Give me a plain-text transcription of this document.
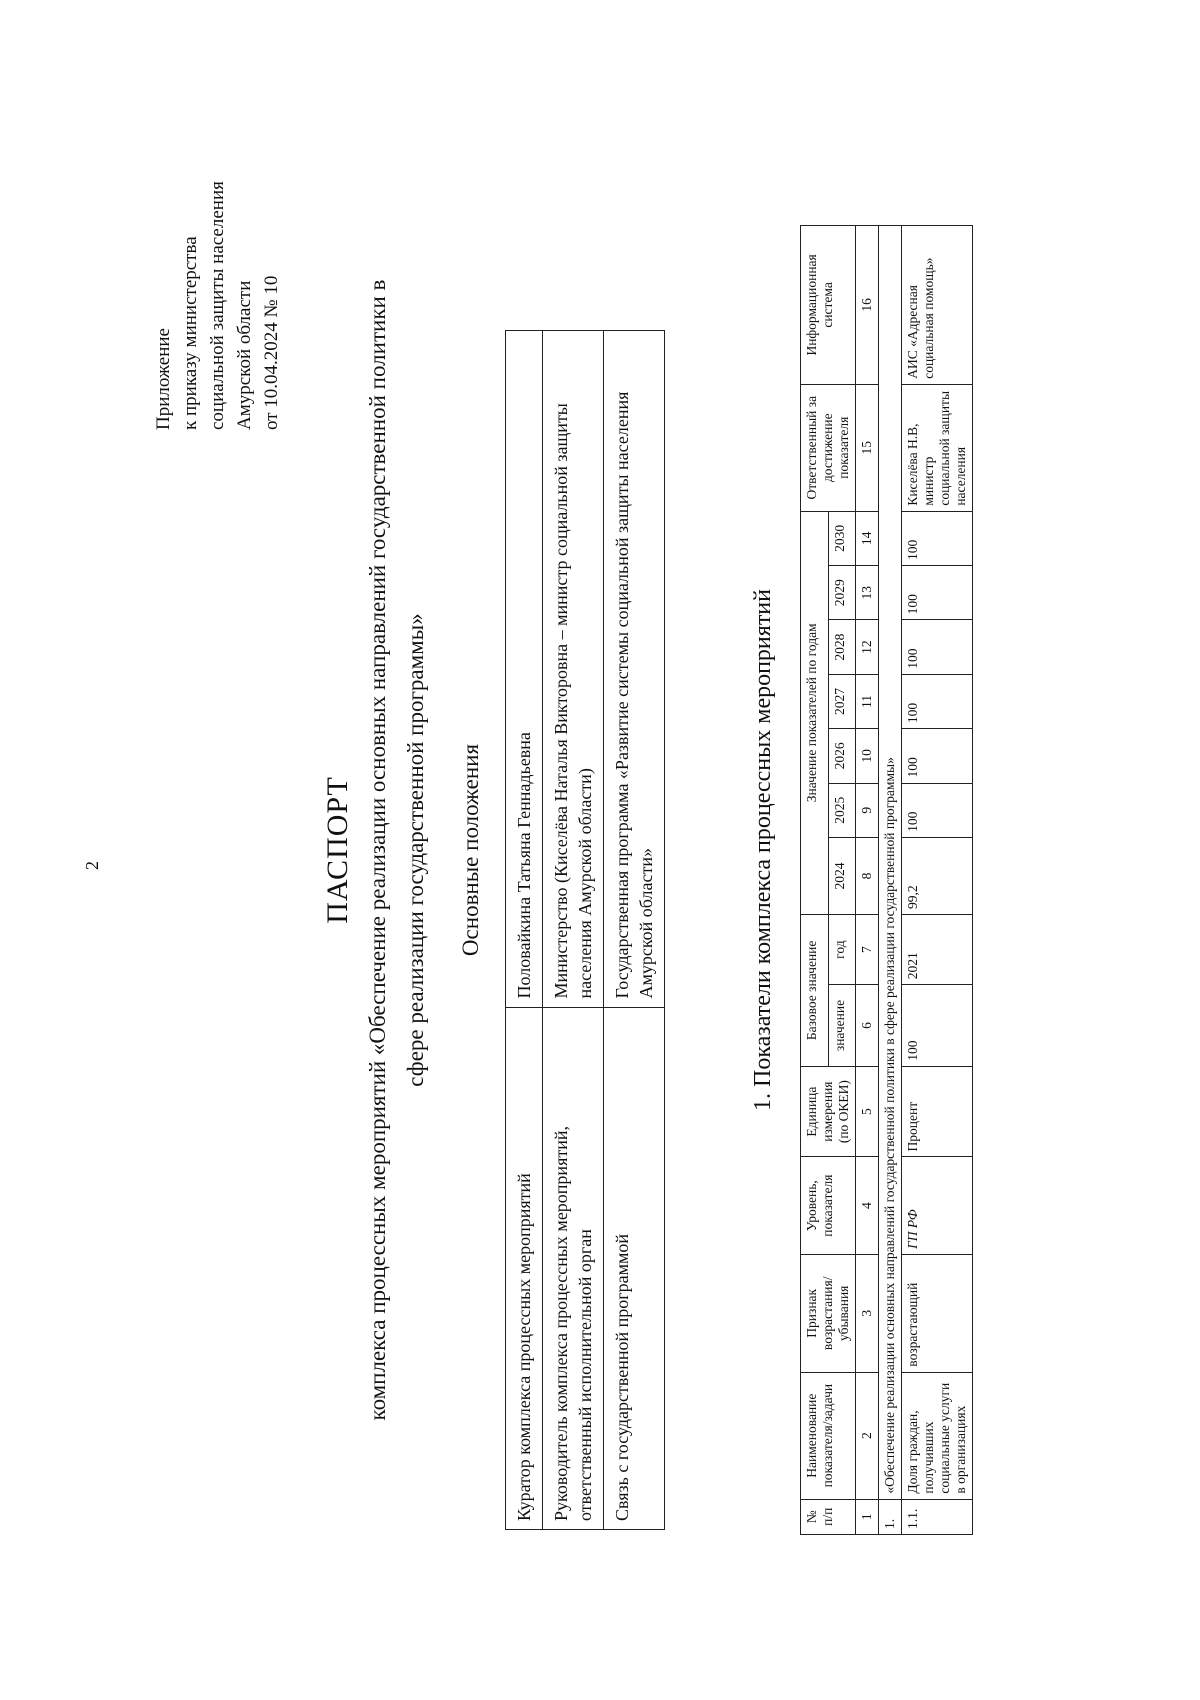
2
Приложение к приказу министерства социальной защиты населения Амурской области от 10.04.2024 № 10
ПАСПОРТ комплекса процессных мероприятий «Обеспечение реализации основных направлений государственной политики в сфере реализации государственной программы» Основные положения
Куратор комплекса процессных мероприятий	Половайкина Татьяна Геннадьевна
Руководитель комплекса процессных мероприятий, ответственный исполнительной орган	Министерство (Киселёва Наталья Викторовна – министр социальной защиты населения Амурской области)
Связь с государственной программой	Государственная программа «Развитие системы социальной защиты населения Амурской области»	1. Показатели комплекса процессных мероприятий
№ п/п	Наименование показателя/задачи	Признак возрастания/ убывания	Уровень, показателя	Единица измерения (по ОКЕИ)	Базовое значение		Значение показателей по годам							Ответственный за достижение показателя	Информационная система
					значение	год	2024	2025	2026	2027	2028	2029	2030		
1	2	3	4	5	6	7	8	9	10	11	12	13	14	15	16
1.	«Обеспечение реализации основных направлений государственной политики в сфере реализации государственной программы»														
1.1.	Доля граждан, получивших социальные услуги в организациях	возрастающий	ГП РФ	Процент	100	2021	99,2	100	100	100	100	100	100	Киселёва Н.В, министр социальной защиты населения	АИС «Адресная социальная помощь»
